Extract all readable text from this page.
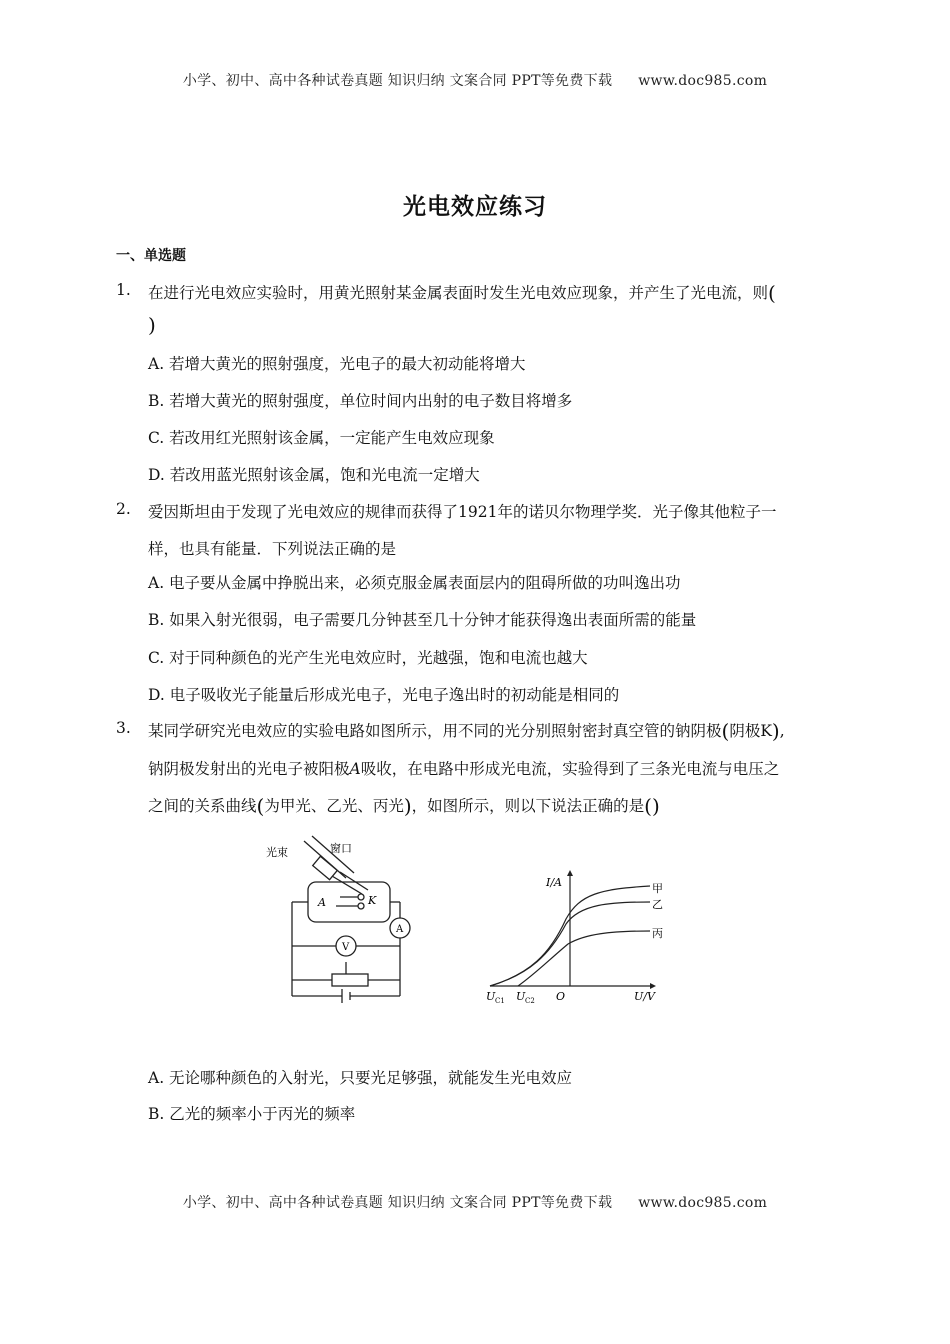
小学、初中、高中各种试卷真题 知识归纳 文案合同 PPT等免费下载 www.doc985.com
光电效应练习
一、单选题
1. 在进行光电效应实验时，用黄光照射某金属表面时发生光电效应现象，并产生了光电流，则(
)
A. 若增大黄光的照射强度，光电子的最大初动能将增大
B. 若增大黄光的照射强度，单位时间内出射的电子数目将增多
C. 若改用红光照射该金属，一定能产生电效应现象
D. 若改用蓝光照射该金属，饱和光电流一定增大
2. 爱因斯坦由于发现了光电效应的规律而获得了1921年的诺贝尔物理学奖．光子像其他粒子一
样，也具有能量．下列说法正确的是
A. 电子要从金属中挣脱出来，必须克服金属表面层内的阻碍所做的功叫逸出功
B. 如果入射光很弱，电子需要几分钟甚至几十分钟才能获得逸出表面所需的能量
C. 对于同种颜色的光产生光电效应时，光越强，饱和电流也越大
D. 电子吸收光子能量后形成光电子，光电子逸出时的初动能是相同的
3. 某同学研究光电效应的实验电路如图所示，用不同的光分别照射密封真空管的钠阴极(阴极K),
钠阴极发射出的光电子被阳极A吸收，在电路中形成光电流，实验得到了三条光电流与电压之
之间的关系曲线(为甲光、乙光、丙光)，如图所示，则以下说法正确的是()
光束	窗口
A	K
A
V
I/A
U/V
O
U C1 U C2
甲
乙
丙
A. 无论哪种颜色的入射光，只要光足够强，就能发生光电效应
B. 乙光的频率小于丙光的频率
小学、初中、高中各种试卷真题 知识归纳 文案合同 PPT等免费下载 www.doc985.com
